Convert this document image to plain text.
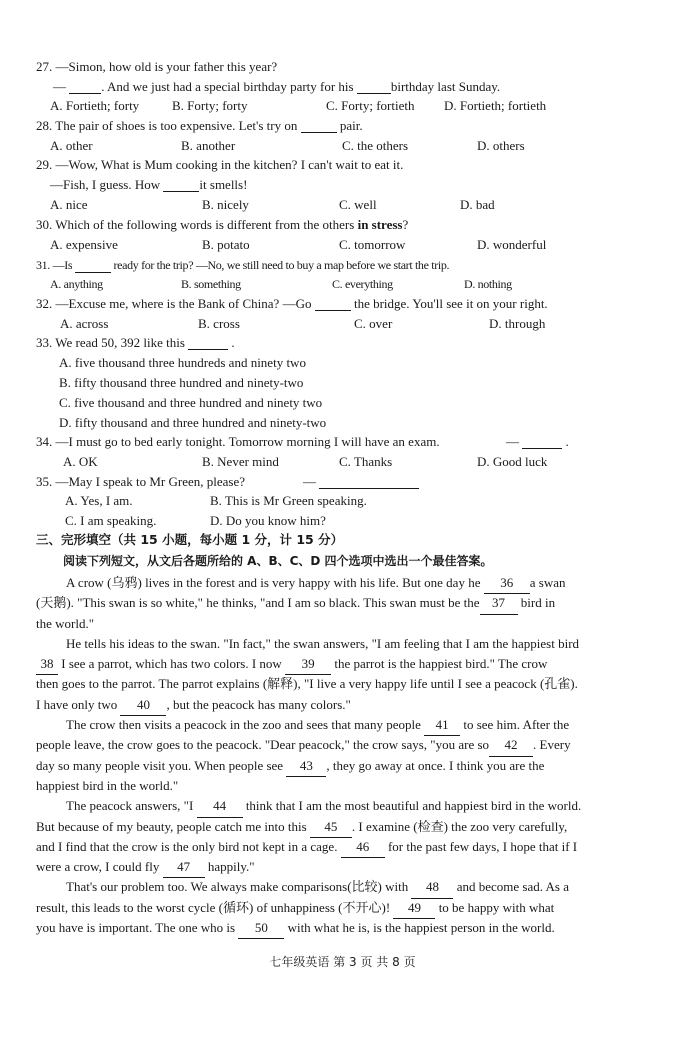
27. —Simon, how old is your father this year?
—  . And we just had a special birthday party for his	birthday last Sunday.
A. Fortieth; forty	B. Forty; forty	C. Forty; fortieth D. Fortieth; fortieth
28. The pair of shoes is too expensive. Let's try on	pair.
A. other	B. another	C. the others	D. others
29. —Wow, What is Mum cooking in the kitchen? I can't wait to eat it.
—Fish, I guess. How	it smells!
A. nice	B. nicely	C. well	D. bad
30. Which of the following words is different from the others in stress?
A. expensive	B. potato	C. tomorrow	D. wonderful
31. —Is	ready for the trip? —No, we still need to buy a map before we start the trip.
A. anything	B. something	C. everything	D. nothing
32. —Excuse me, where is the Bank of China? —Go	the bridge. You'll see it on your right.
A. across	B. cross	C. over	D. through
33. We read 50, 392 like this	.
A. five thousand three hundreds and ninety two
B. fifty thousand three hundred and ninety-two
C. five thousand and three hundred and ninety two
D. fifty thousand and three hundred and ninety-two
34. —I must go to bed early tonight. Tomorrow morning I will have an exam.	—	.
A. OK	B. Never mind	C. Thanks	D. Good luck
35. —May I speak to Mr Green, please?	—
A. Yes, I am.	B. This is Mr Green speaking.
C. I am speaking.	D. Do you know him?
三、完形填空（共 15 小题，每小题 1 分，计 15 分）
阅读下列短文，从文后各题所给的 A、B、C、D 四个选项中选出一个最佳答案。
A crow (乌鸦) lives in the forest and is very happy with his life. But one day he 36 a swan
(天鹅). "This swan is so white," he thinks, "and I am so black. This swan must be the 37 bird in
the world."
He tells his ideas to the swan. "In fact," the swan answers, "I am feeling that I am the happiest bird
38 I see a parrot, which has two colors. I now 39 the parrot is the happiest bird." The crow
then goes to the parrot. The parrot explains (解释), "I live a very happy life until I see a peacock (孔雀).
I have only two 40 , but the peacock has many colors."
The crow then visits a peacock in the zoo and sees that many people 41 to see him. After the
people leave, the crow goes to the peacock. "Dear peacock," the crow says, "you are so 42 . Every
day so many people visit you. When people see 43 , they go away at once. I think you are the
happiest bird in the world."
The peacock answers, "I 44 think that I am the most beautiful and happiest bird in the world.
But because of my beauty, people catch me into this 45 . I examine (检查) the zoo very carefully,
and I find that the crow is the only bird not kept in a cage. 46 for the past few days, I hope that if I
were a crow, I could fly 47 happily."
That's our problem too. We always make comparisons(比较) with 48 and become sad. As a
result, this leads to the worst cycle (循环) of unhappiness (不开心)! 49 to be happy with what
you have is important. The one who is 50 with what he is, is the happiest person in the world.
七年级英语 第 3 页 共 8 页
